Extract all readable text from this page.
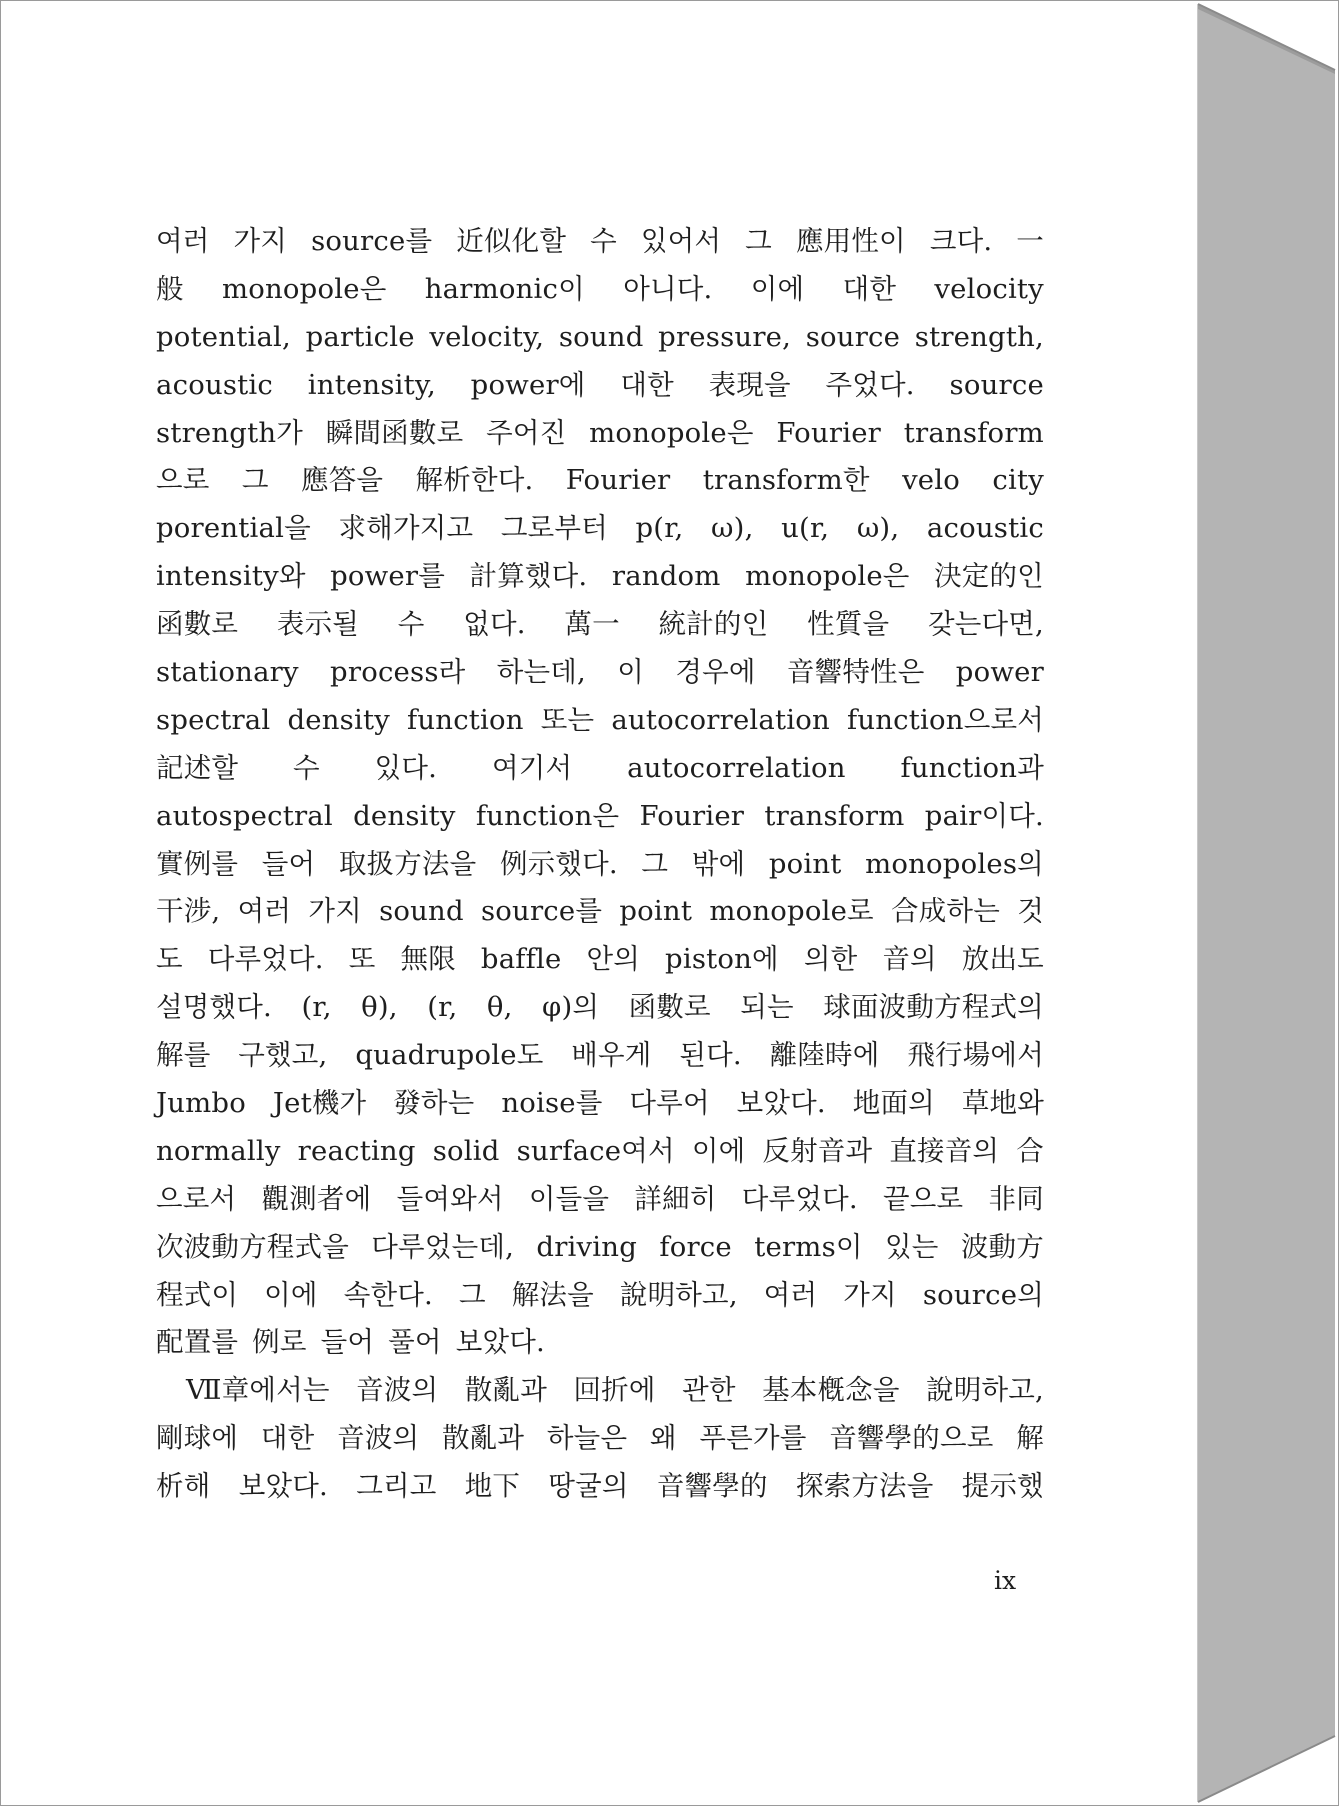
여러 가지 source를 近似化할 수 있어서 그 應用性이 크다. 一
般 monopole은 harmonic이 아니다. 이에 대한 velocity
potential, particle velocity, sound pressure, source strength,
acoustic intensity, power에 대한 表現을 주었다. source
strength가 瞬間函數로 주어진 monopole은 Fourier transform
으로 그 應答을 解析한다. Fourier transform한 velo city
porential을 求해가지고 그로부터 p(r, ω), u(r, ω), acoustic
intensity와 power를 計算했다. random monopole은 決定的인
函數로 表示될 수 없다. 萬一 統計的인 性質을 갖는다면,
stationary process라 하는데, 이 경우에 音響特性은 power
spectral density function 또는 autocorrelation function으로서
記述할 수 있다. 여기서 autocorrelation function과
autospectral density function은 Fourier transform pair이다.
實例를 들어 取扱方法을 例示했다. 그 밖에 point monopoles의
干涉, 여러 가지 sound source를 point monopole로 合成하는 것
도 다루었다. 또 無限 baffle 안의 piston에 의한 音의 放出도
설명했다. (r, θ), (r, θ, φ)의 函數로 되는 球面波動方程式의
解를 구했고, quadrupole도 배우게 된다. 離陸時에 飛行場에서
Jumbo Jet機가 發하는 noise를 다루어 보았다. 地面의 草地와
normally reacting solid surface여서 이에 反射音과 直接音의 合
으로서 觀測者에 들여와서 이들을 詳細히 다루었다. 끝으로 非同
次波動方程式을 다루었는데, driving force terms이 있는 波動方
程式이 이에 속한다. 그 解法을 說明하고, 여러 가지 source의
配置를 例로 들어 풀어 보았다.
Ⅶ章에서는 音波의 散亂과 回折에 관한 基本槪念을 說明하고,
剛球에 대한 音波의 散亂과 하늘은 왜 푸른가를 音響學的으로 解
析해 보았다. 그리고 地下 땅굴의 音響學的 探索方法을 提示했
ix
